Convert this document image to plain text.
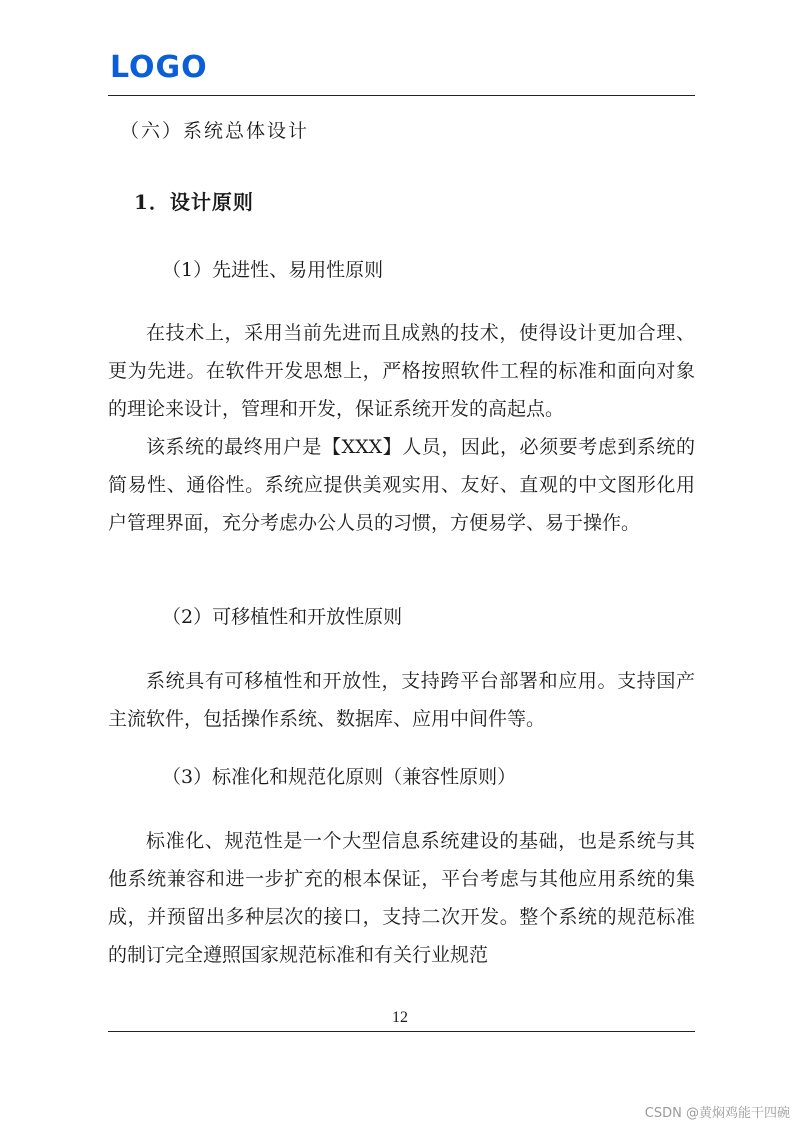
LOGO
（六）系统总体设计
1．设计原则
（1）先进性、易用性原则

在技术上，采用当前先进而且成熟的技术，使得设计更加合理、更为先进。在软件开发思想上，严格按照软件工程的标准和面向对象的理论来设计，管理和开发，保证系统开发的高起点。

该系统的最终用户是【XXX】人员，因此，必须要考虑到系统的简易性、通俗性。系统应提供美观实用、友好、直观的中文图形化用户管理界面，充分考虑办公人员的习惯，方便易学、易于操作。

（2）可移植性和开放性原则

系统具有可移植性和开放性，支持跨平台部署和应用。支持国产主流软件，包括操作系统、数据库、应用中间件等。

（3）标准化和规范化原则（兼容性原则）

标准化、规范性是一个大型信息系统建设的基础，也是系统与其他系统兼容和进一步扩充的根本保证，平台考虑与其他应用系统的集成，并预留出多种层次的接口，支持二次开发。整个系统的规范标准的制订完全遵照国家规范标准和有关行业规范

12
CSDN @黄焖鸡能干四碗
